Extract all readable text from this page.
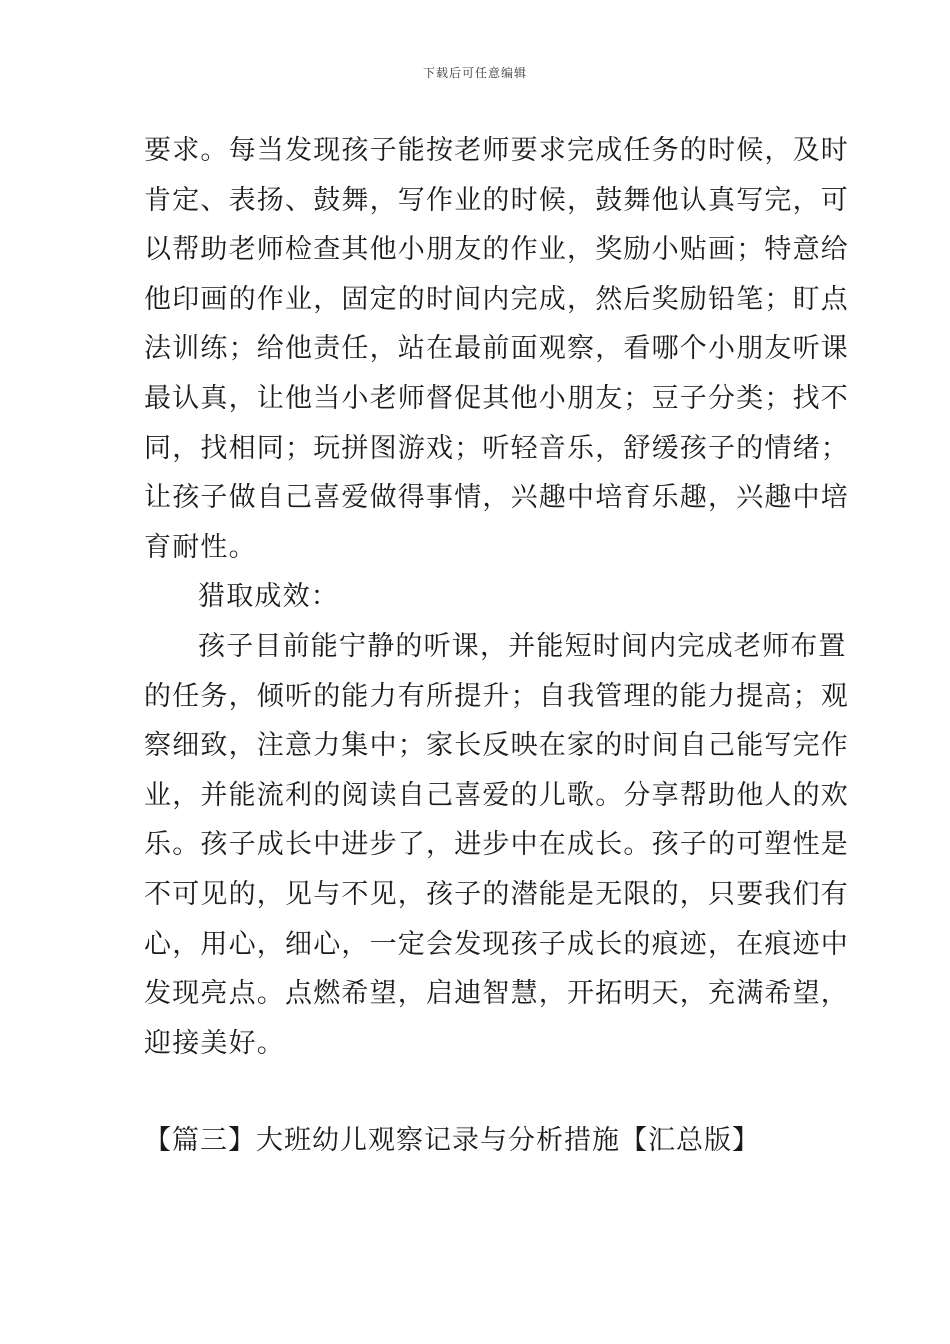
下载后可任意编辑
要求。每当发现孩子能按老师要求完成任务的时候，及时
肯定、表扬、鼓舞，写作业的时候，鼓舞他认真写完，可
以帮助老师检查其他小朋友的作业，奖励小贴画；特意给
他印画的作业，固定的时间内完成，然后奖励铅笔；盯点
法训练；给他责任，站在最前面观察，看哪个小朋友听课
最认真，让他当小老师督促其他小朋友；豆子分类；找不
同，找相同；玩拼图游戏；听轻音乐，舒缓孩子的情绪；
让孩子做自己喜爱做得事情，兴趣中培育乐趣，兴趣中培
育耐性。
猎取成效：
孩子目前能宁静的听课，并能短时间内完成老师布置
的任务，倾听的能力有所提升；自我管理的能力提高；观
察细致，注意力集中；家长反映在家的时间自己能写完作
业，并能流利的阅读自己喜爱的儿歌。分享帮助他人的欢
乐。孩子成长中进步了，进步中在成长。孩子的可塑性是
不可见的，见与不见，孩子的潜能是无限的，只要我们有
心，用心，细心，一定会发现孩子成长的痕迹，在痕迹中
发现亮点。点燃希望，启迪智慧，开拓明天，充满希望，
迎接美好。
【篇三】大班幼儿观察记录与分析措施【汇总版】
